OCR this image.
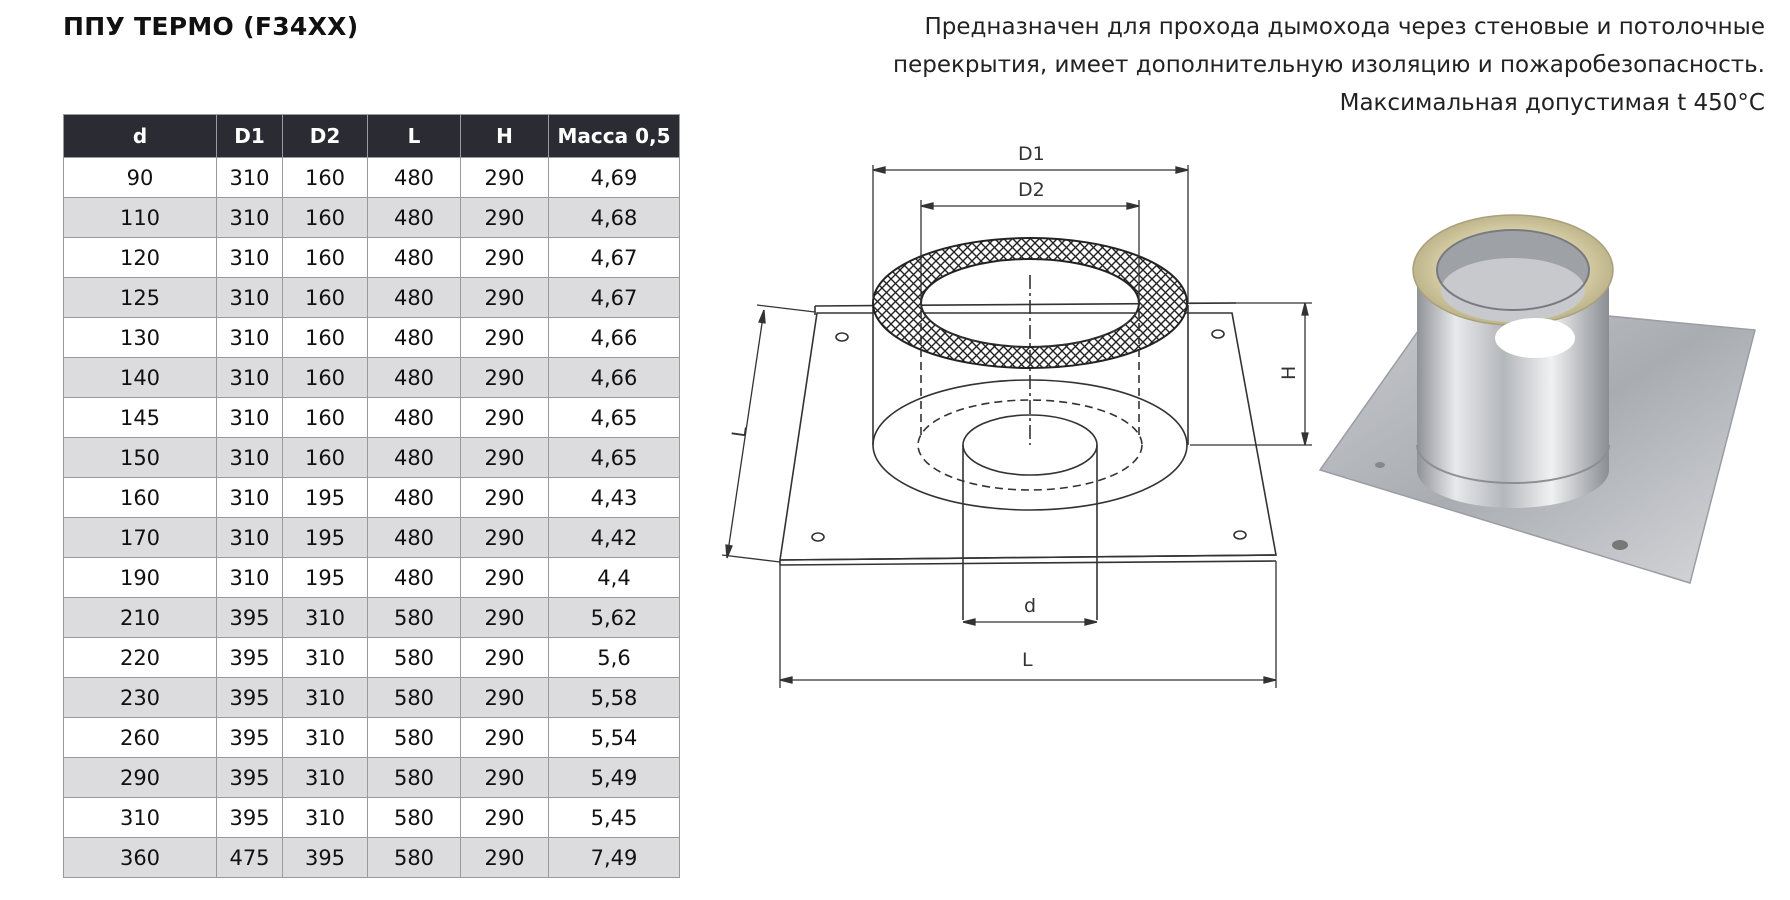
ППУ ТЕРМО (F34XX)	Предназначен для прохода дымохода через стеновые и потолочные
перекрытия, имеет дополнительную изоляцию и пожаробезопасность.
Максимальная допустимая t 450°C
d	D1	D2	L	H	Масса 0,5
90	310	160	480	290	4,69
110	310	160	480	290	4,68
120	310	160	480	290	4,67
125	310	160	480	290	4,67
130	310	160	480	290	4,66
140	310	160	480	290	4,66
145	310	160	480	290	4,65
150	310	160	480	290	4,65
160	310	195	480	290	4,43
170	310	195	480	290	4,42
190	310	195	480	290	4,4
210	395	310	580	290	5,62
220	395	310	580	290	5,6
230	395	310	580	290	5,58
260	395	310	580	290	5,54
290	395	310	580	290	5,49
310	395	310	580	290	5,45
360	475	395	580	290	7,49
D1
D2
H
L
L
d
